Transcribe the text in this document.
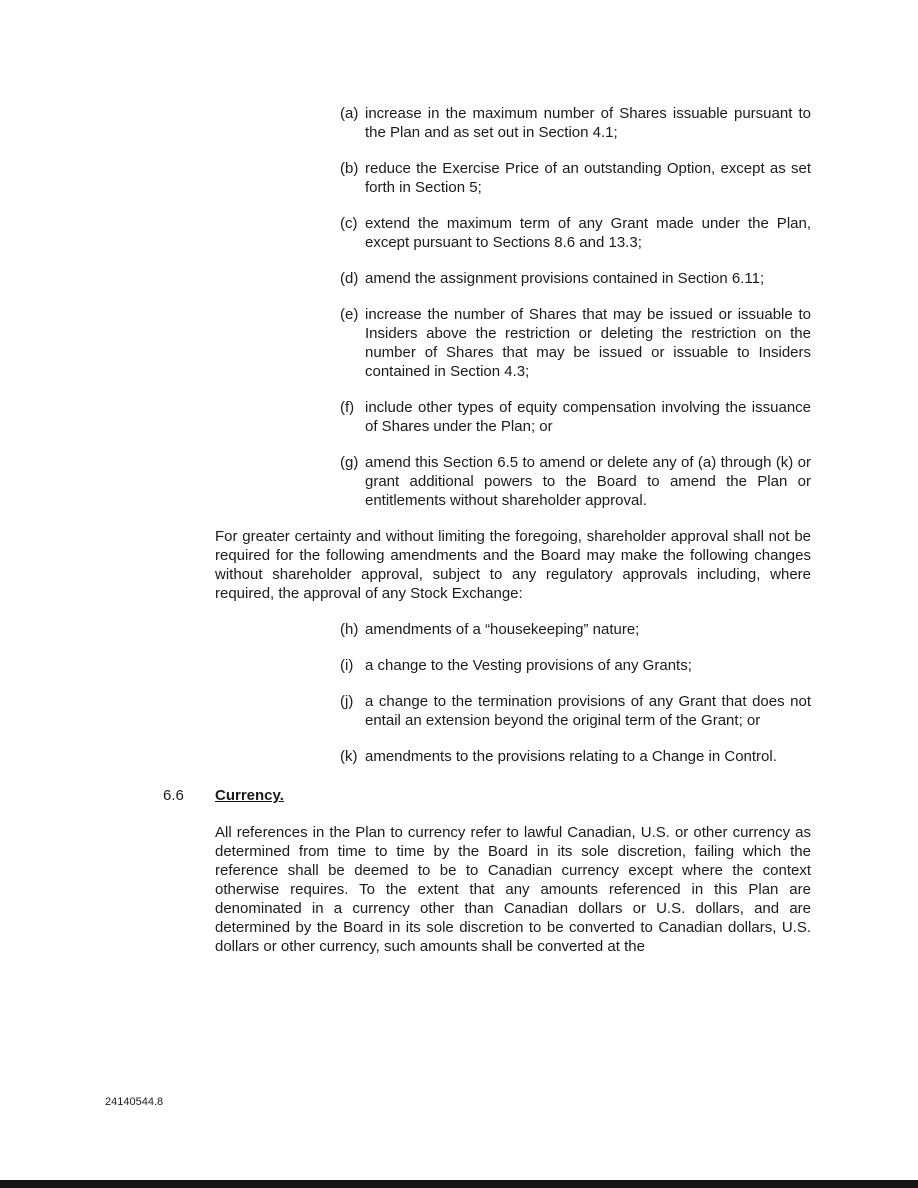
(a) increase in the maximum number of Shares issuable pursuant to the Plan and as set out in Section 4.1;
(b) reduce the Exercise Price of an outstanding Option, except as set forth in Section 5;
(c) extend the maximum term of any Grant made under the Plan, except pursuant to Sections 8.6 and 13.3;
(d) amend the assignment provisions contained in Section 6.11;
(e) increase the number of Shares that may be issued or issuable to Insiders above the restriction or deleting the restriction on the number of Shares that may be issued or issuable to Insiders contained in Section 4.3;
(f) include other types of equity compensation involving the issuance of Shares under the Plan; or
(g) amend this Section 6.5 to amend or delete any of (a) through (k) or grant additional powers to the Board to amend the Plan or entitlements without shareholder approval.
For greater certainty and without limiting the foregoing, shareholder approval shall not be required for the following amendments and the Board may make the following changes without shareholder approval, subject to any regulatory approvals including, where required, the approval of any Stock Exchange:
(h) amendments of a “housekeeping” nature;
(i) a change to the Vesting provisions of any Grants;
(j) a change to the termination provisions of any Grant that does not entail an extension beyond the original term of the Grant; or
(k) amendments to the provisions relating to a Change in Control.
6.6	Currency.
All references in the Plan to currency refer to lawful Canadian, U.S. or other currency as determined from time to time by the Board in its sole discretion, failing which the reference shall be deemed to be to Canadian currency except where the context otherwise requires. To the extent that any amounts referenced in this Plan are denominated in a currency other than Canadian dollars or U.S. dollars, and are determined by the Board in its sole discretion to be converted to Canadian dollars, U.S. dollars or other currency, such amounts shall be converted at the
24140544.8
